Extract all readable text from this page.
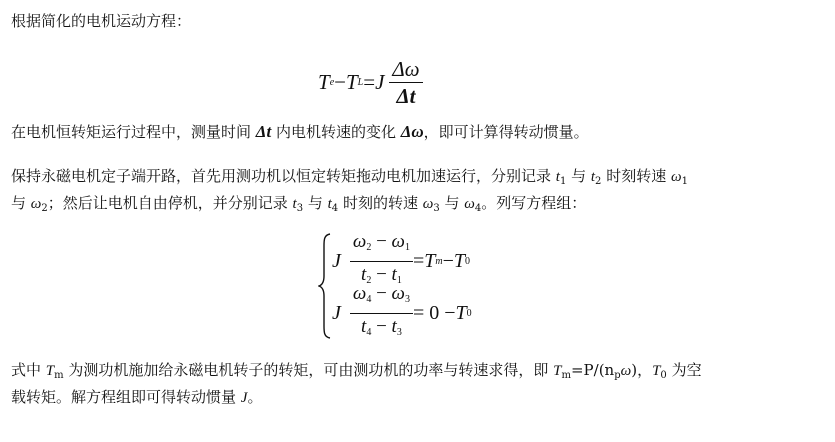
根据简化的电机运动方程：
T e − T L = J $\frac{\Delta\omega}{\Delta t}$
在电机恒转矩运行过程中，测量时间 Δt 内电机转速的变化 Δω，即可计算得转动惯量。
保持永磁电机定子端开路，首先用测功机以恒定转矩拖动电机加速运行，分别记录 $t_1$ 与 $t_2$ 时刻转速 $\omega_1$
与 $\omega_2$；然后让电机自由停机，并分别记录 $t_3$ 与 $t_4$ 时刻的转速 $\omega_3$ 与 $\omega_4$。列写方程组：
J $\frac{\omega_2 - \omega_1}{t_2 - t_1} = T$ m − T 0
J $\frac{\omega_4 - \omega_3}{t_4 - t_3} = 0 - T$ 0
式中 $T_m$ 为测功机施加给永磁电机转子的转矩，可由测功机的功率与转速求得，即 $T_m=P/(n_p\omega)$，$T_0$ 为空
载转矩。解方程组即可得转动惯量 J。
